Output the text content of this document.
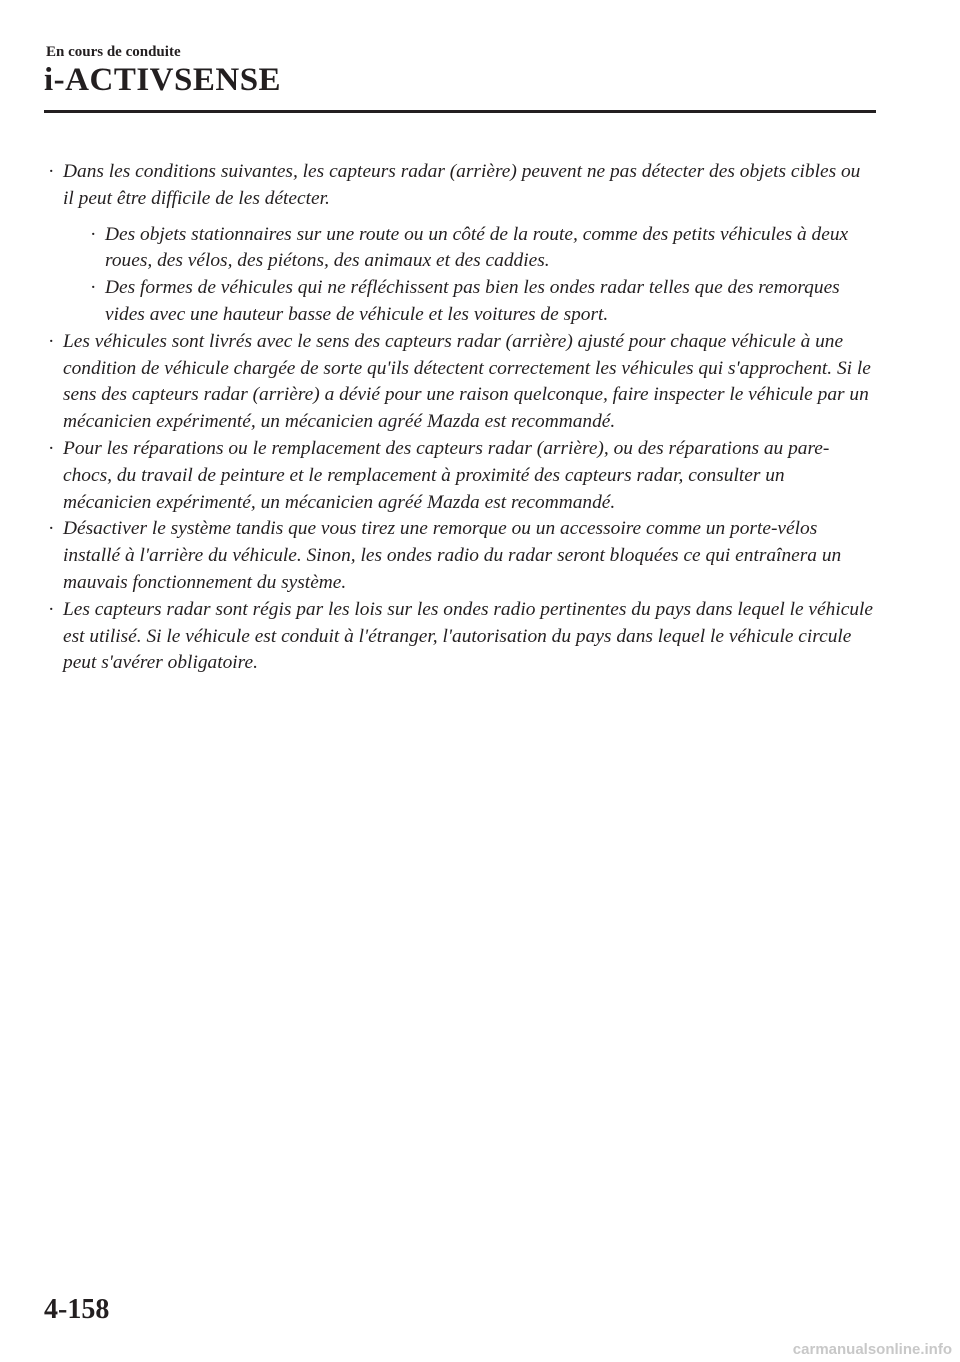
En cours de conduite
i-ACTIVSENSE
· Dans les conditions suivantes, les capteurs radar (arrière) peuvent ne pas détecter des objets cibles ou il peut être difficile de les détecter.
· Des objets stationnaires sur une route ou un côté de la route, comme des petits véhicules à deux roues, des vélos, des piétons, des animaux et des caddies.
· Des formes de véhicules qui ne réfléchissent pas bien les ondes radar telles que des remorques vides avec une hauteur basse de véhicule et les voitures de sport.
· Les véhicules sont livrés avec le sens des capteurs radar (arrière) ajusté pour chaque véhicule à une condition de véhicule chargée de sorte qu'ils détectent correctement les véhicules qui s'approchent. Si le sens des capteurs radar (arrière) a dévié pour une raison quelconque, faire inspecter le véhicule par un mécanicien expérimenté, un mécanicien agréé Mazda est recommandé.
· Pour les réparations ou le remplacement des capteurs radar (arrière), ou des réparations au pare-chocs, du travail de peinture et le remplacement à proximité des capteurs radar, consulter un mécanicien expérimenté, un mécanicien agréé Mazda est recommandé.
· Désactiver le système tandis que vous tirez une remorque ou un accessoire comme un porte-vélos installé à l'arrière du véhicule. Sinon, les ondes radio du radar seront bloquées ce qui entraînera un mauvais fonctionnement du système.
· Les capteurs radar sont régis par les lois sur les ondes radio pertinentes du pays dans lequel le véhicule est utilisé. Si le véhicule est conduit à l'étranger, l'autorisation du pays dans lequel le véhicule circule peut s'avérer obligatoire.
4-158
carmanualsonline.info
